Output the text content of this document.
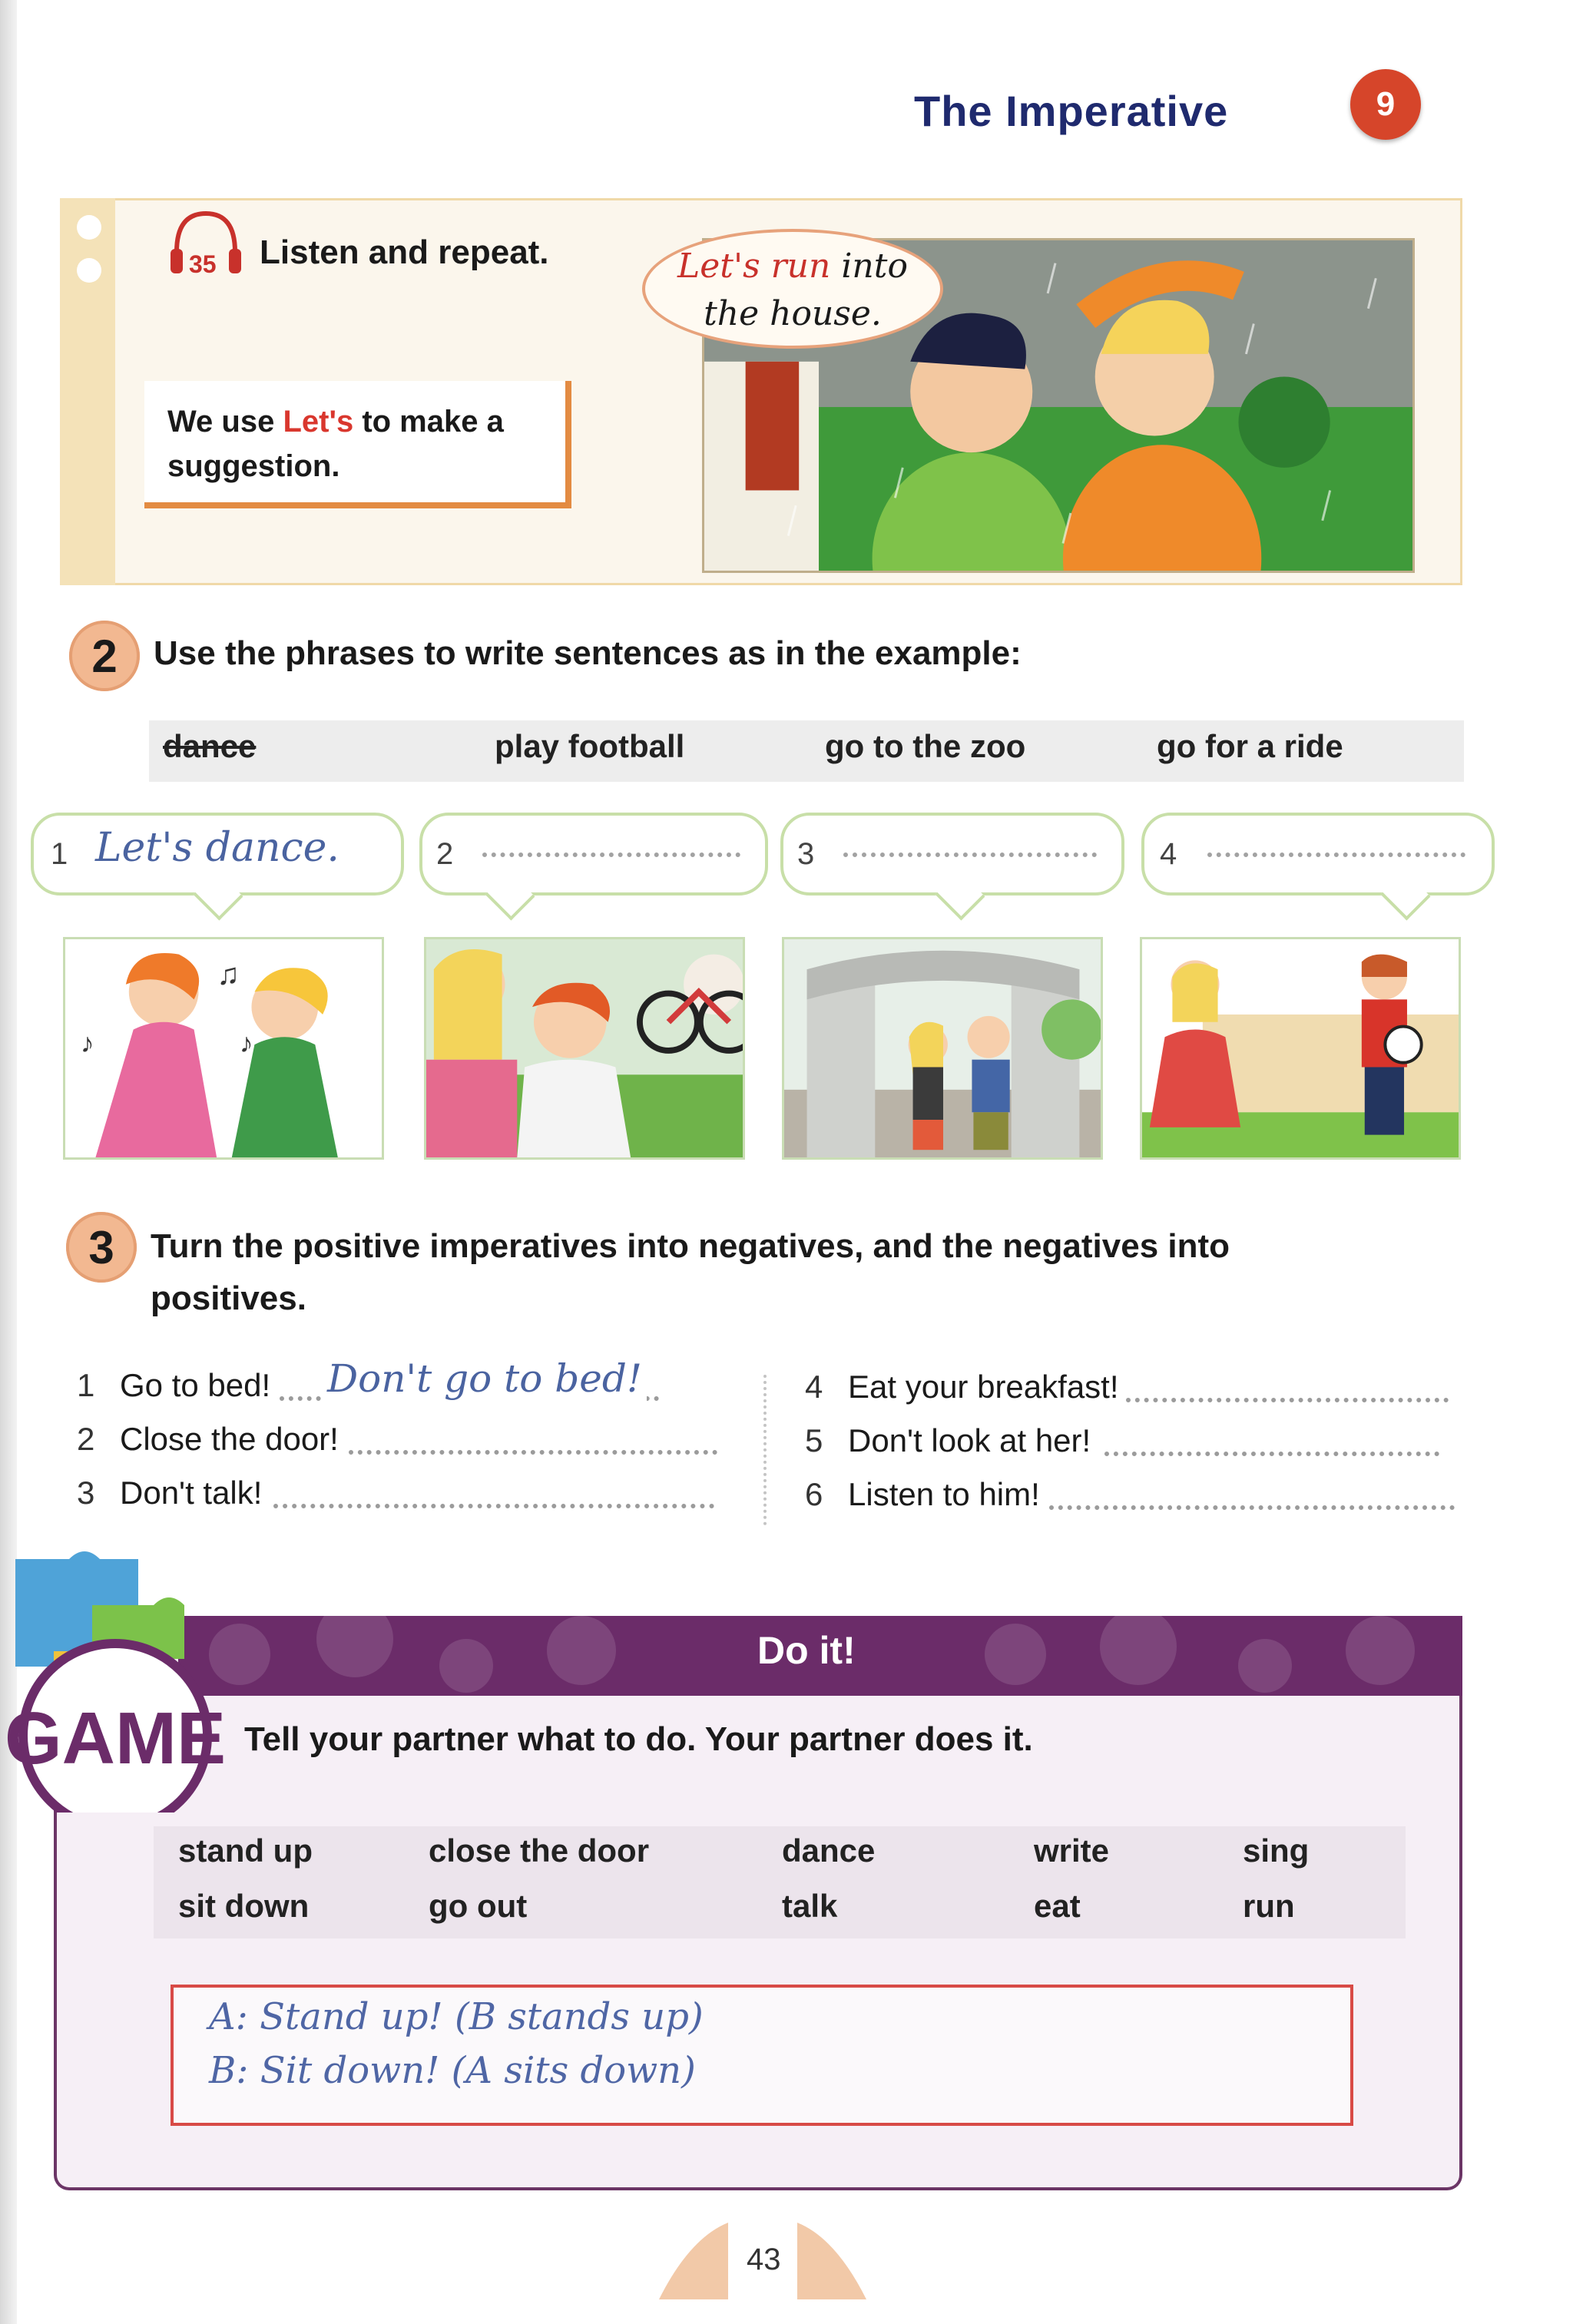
The Imperative	9
35 Listen and repeat.
We use Let's to make a
suggestion.
Let's run into
the house.
2	Use the phrases to write sentences as in the example:
dance	play football	go to the zoo	go for a ride
1 Let's dance.
♫
♪
♪
2	3	4
3	Turn the positive imperatives into negatives, and the negatives into
positives.
1 Go to bed! Don't go to bed!
2 Close the door!
3 Don't talk!
4 Eat your breakfast!
5 Don't look at her!
6 Listen to him!
Do it!
GAME Tell your partner what to do. Your partner does it.
stand up	close the door	dance	write	sing
sit down	go out	talk	eat	run
A: Stand up! (B stands up)
B: Sit down! (A sits down)
43
